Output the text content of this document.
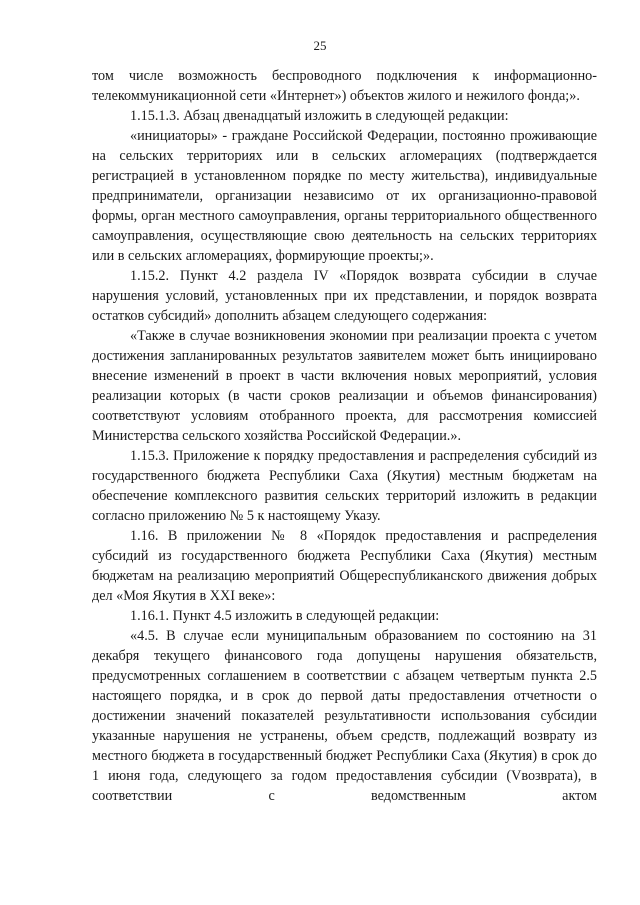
25

том числе возможность беспроводного подключения к информационно-телекоммуникационной сети «Интернет») объектов жилого и нежилого фонда;».

1.15.1.3. Абзац двенадцатый изложить в следующей редакции:

«инициаторы» - граждане Российской Федерации, постоянно проживающие на сельских территориях или в сельских агломерациях (подтверждается регистрацией в установленном порядке по месту жительства), индивидуальные предприниматели, организации независимо от их организационно-правовой формы, орган местного самоуправления, органы территориального общественного самоуправления, осуществляющие свою деятельность на сельских территориях или в сельских агломерациях, формирующие проекты;».

1.15.2. Пункт 4.2 раздела IV «Порядок возврата субсидии в случае нарушения условий, установленных при их представлении, и порядок возврата остатков субсидий» дополнить абзацем следующего содержания:

«Также в случае возникновения экономии при реализации проекта с учетом достижения запланированных результатов заявителем может быть инициировано внесение изменений в проект в части включения новых мероприятий, условия реализации которых (в части сроков реализации и объемов финансирования) соответствуют условиям отобранного проекта, для рассмотрения комиссией Министерства сельского хозяйства Российской Федерации.».

1.15.3. Приложение к порядку предоставления и распределения субсидий из государственного бюджета Республики Саха (Якутия) местным бюджетам на обеспечение комплексного развития сельских территорий изложить в редакции согласно приложению № 5 к настоящему Указу.

1.16. В приложении № 8 «Порядок предоставления и распределения субсидий из государственного бюджета Республики Саха (Якутия) местным бюджетам на реализацию мероприятий Общереспубликанского движения добрых дел «Моя Якутия в XXI веке»:

1.16.1. Пункт 4.5 изложить в следующей редакции:

«4.5. В случае если муниципальным образованием по состоянию на 31 декабря текущего финансового года допущены нарушения обязательств, предусмотренных соглашением в соответствии с абзацем четвертым пункта 2.5 настоящего порядка, и в срок до первой даты предоставления отчетности о достижении значений показателей результативности использования субсидии указанные нарушения не устранены, объем средств, подлежащий возврату из местного бюджета в государственный бюджет Республики Саха (Якутия) в срок до 1 июня года, следующего за годом предоставления субсидии (Vвозврата), в соответствии с ведомственным актом
